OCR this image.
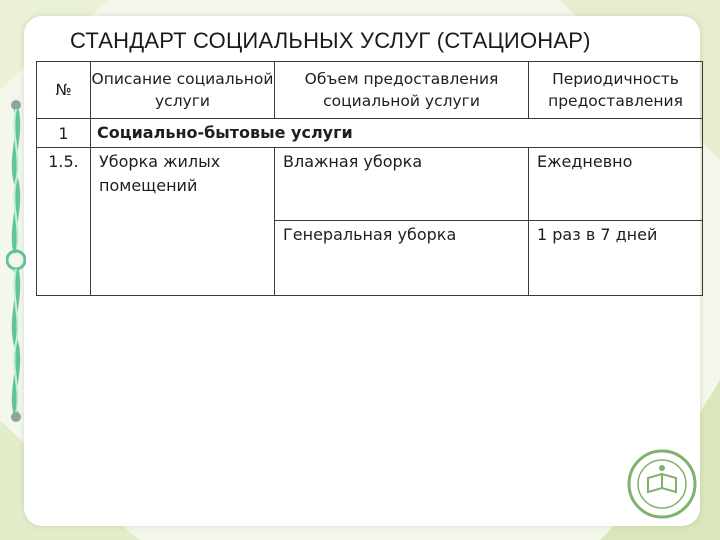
СТАНДАРТ СОЦИАЛЬНЫХ УСЛУГ (СТАЦИОНАР)
№	Описание социальной услуги	Объем предоставления социальной услуги	Периодичность предоставления

1	Социально-бытовые услуги		

1.5.	Уборка жилых помещений	Влажная уборка	Ежедневно

		Генеральная уборка	1 раз в 7 дней
